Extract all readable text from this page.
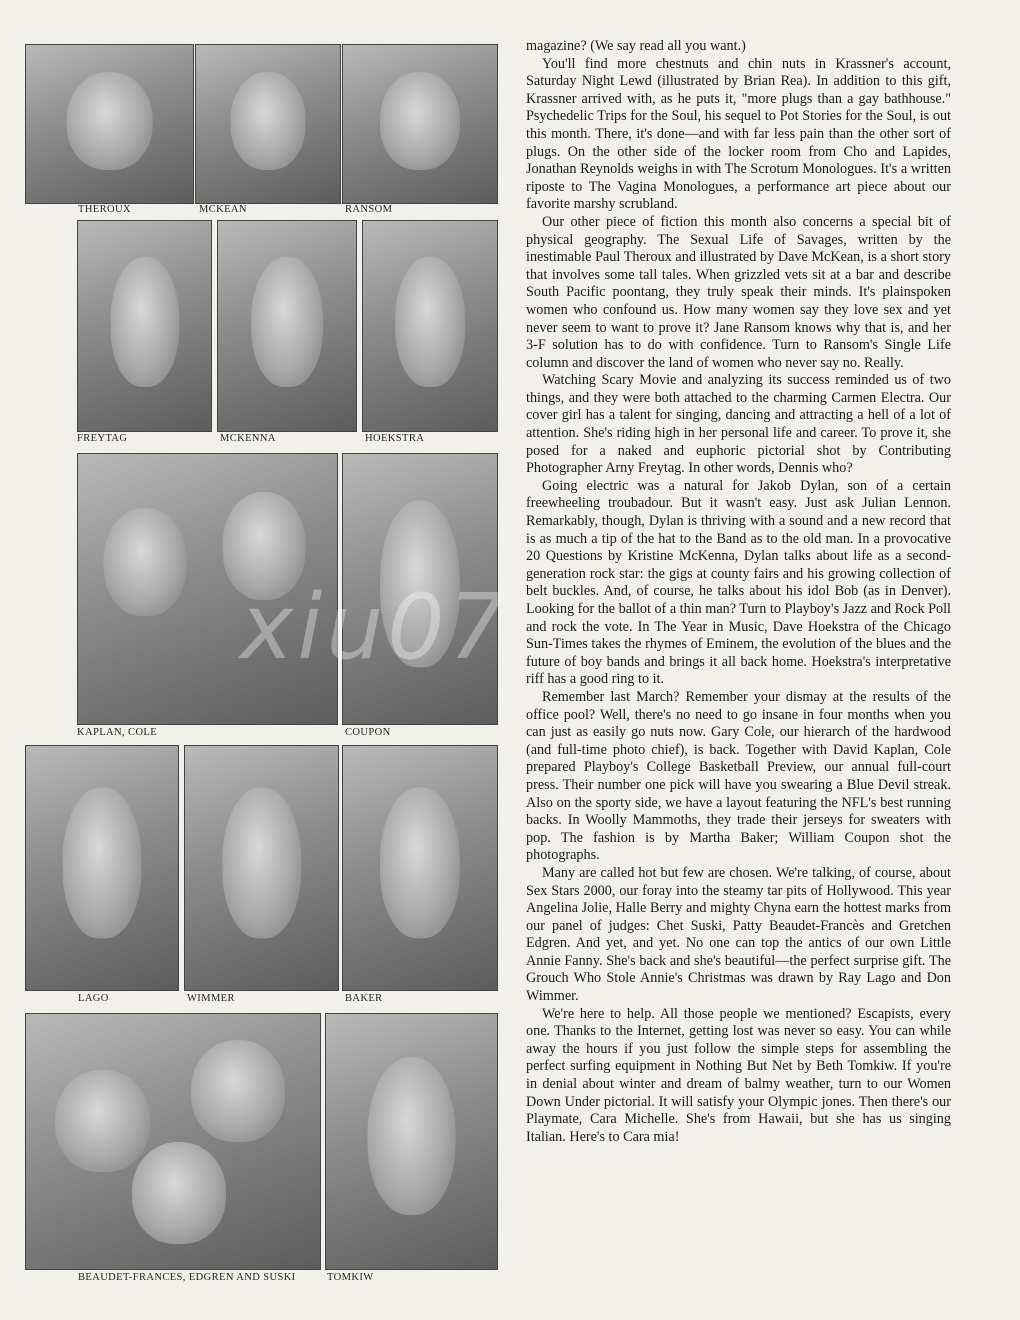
THEROUX	MCKEAN	RANSOM
FREYTAG	MCKENNA	HOEKSTRA
KAPLAN, COLE	COUPON
LAGO	WIMMER	BAKER
BEAUDET-FRANCES, EDGREN AND SUSKI	TOMKIW
xiu07

magazine? (We say read all you want.)

You'll find more chestnuts and chin nuts in Krassner's account, Saturday Night Lewd (illustrated by Brian Rea). In addition to this gift, Krassner arrived with, as he puts it, "more plugs than a gay bathhouse." Psychedelic Trips for the Soul, his sequel to Pot Stories for the Soul, is out this month. There, it's done—and with far less pain than the other sort of plugs. On the other side of the locker room from Cho and Lapides, Jonathan Reynolds weighs in with The Scrotum Monologues. It's a written riposte to The Vagina Monologues, a performance art piece about our favorite marshy scrubland.

Our other piece of fiction this month also concerns a special bit of physical geography. The Sexual Life of Savages, written by the inestimable Paul Theroux and illustrated by Dave McKean, is a short story that involves some tall tales. When grizzled vets sit at a bar and describe South Pacific poontang, they truly speak their minds. It's plainspoken women who confound us. How many women say they love sex and yet never seem to want to prove it? Jane Ransom knows why that is, and her 3-F solution has to do with confidence. Turn to Ransom's Single Life column and discover the land of women who never say no. Really.

Watching Scary Movie and analyzing its success reminded us of two things, and they were both attached to the charming Carmen Electra. Our cover girl has a talent for singing, dancing and attracting a hell of a lot of attention. She's riding high in her personal life and career. To prove it, she posed for a naked and euphoric pictorial shot by Contributing Photographer Arny Freytag. In other words, Dennis who?

Going electric was a natural for Jakob Dylan, son of a certain freewheeling troubadour. But it wasn't easy. Just ask Julian Lennon. Remarkably, though, Dylan is thriving with a sound and a new record that is as much a tip of the hat to the Band as to the old man. In a provocative 20 Questions by Kristine McKenna, Dylan talks about life as a second-generation rock star: the gigs at county fairs and his growing collection of belt buckles. And, of course, he talks about his idol Bob (as in Denver). Looking for the ballot of a thin man? Turn to Playboy's Jazz and Rock Poll and rock the vote. In The Year in Music, Dave Hoekstra of the Chicago Sun-Times takes the rhymes of Eminem, the evolution of the blues and the future of boy bands and brings it all back home. Hoekstra's interpretative riff has a good ring to it.

Remember last March? Remember your dismay at the results of the office pool? Well, there's no need to go insane in four months when you can just as easily go nuts now. Gary Cole, our hierarch of the hardwood (and full-time photo chief), is back. Together with David Kaplan, Cole prepared Playboy's College Basketball Preview, our annual full-court press. Their number one pick will have you swearing a Blue Devil streak. Also on the sporty side, we have a layout featuring the NFL's best running backs. In Woolly Mammoths, they trade their jerseys for sweaters with pop. The fashion is by Martha Baker; William Coupon shot the photographs.

Many are called hot but few are chosen. We're talking, of course, about Sex Stars 2000, our foray into the steamy tar pits of Hollywood. This year Angelina Jolie, Halle Berry and mighty Chyna earn the hottest marks from our panel of judges: Chet Suski, Patty Beaudet-Francès and Gretchen Edgren. And yet, and yet. No one can top the antics of our own Little Annie Fanny. She's back and she's beautiful—the perfect surprise gift. The Grouch Who Stole Annie's Christmas was drawn by Ray Lago and Don Wimmer.

We're here to help. All those people we mentioned? Escapists, every one. Thanks to the Internet, getting lost was never so easy. You can while away the hours if you just follow the simple steps for assembling the perfect surfing equipment in Nothing But Net by Beth Tomkiw. If you're in denial about winter and dream of balmy weather, turn to our Women Down Under pictorial. It will satisfy your Olympic jones. Then there's our Playmate, Cara Michelle. She's from Hawaii, but she has us singing Italian. Here's to Cara mia!
